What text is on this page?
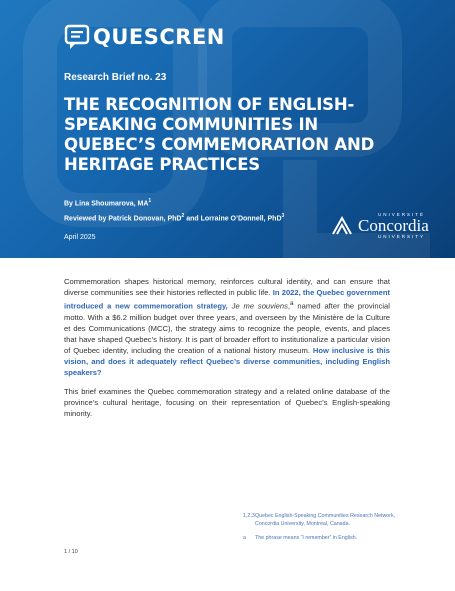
QUESCREN
Research Brief no. 23
THE RECOGNITION OF ENGLISH-SPEAKING COMMUNITIES IN QUEBEC’S COMMEMORATION AND HERITAGE PRACTICES
By Lina Shoumarova, $MA^1$
Reviewed by Patrick Donovan, PhD$^2$ and Lorraine O’Donnell, PhD$^3$
April 2025
UNIVERSITÉ
Concordia
UNIVERSITY

Commemoration shapes historical memory, reinforces cultural identity, and can ensure that diverse communities see their histories reflected in public life. In 2022, the Quebec government introduced a new commemoration strategy, Je me souviens,$^a$ named after the provincial motto. With a $6.2 million budget over three years, and overseen by the Ministère de la Culture et des Communications (MCC), the strategy aims to recognize the people, events, and places that have shaped Quebec’s history. It is part of broader effort to institutionalize a particular vision of Quebec identity, including the creation of a national history museum. How inclusive is this vision, and does it adequately reflect Quebec’s diverse communities, including English speakers?

This brief examines the Quebec commemoration strategy and a related online database of the province’s cultural heritage, focusing on their representation of Quebec’s English-speaking minority.

1,2,3 Quebec English-Speaking Communities Research Network, Concordia University, Montreal, Canada.
a	The phrase means “I remember” in English.
1 / 10
